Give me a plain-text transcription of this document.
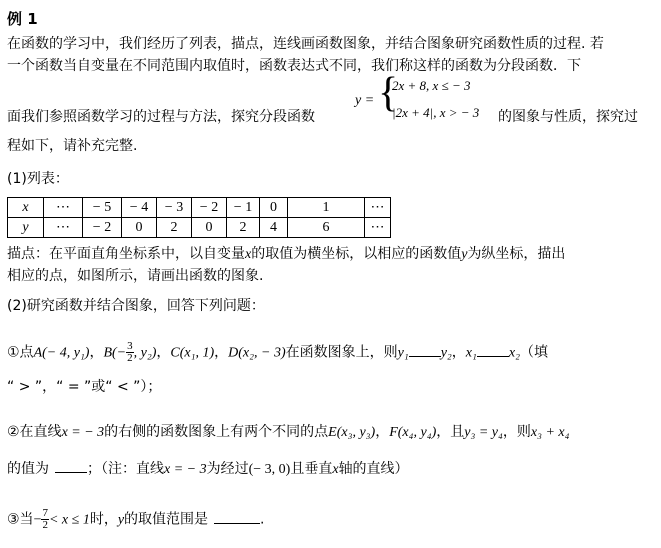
例 1
在函数的学习中，我们经历了列表，描点，连线画函数图象，并结合图象研究函数性质的过程. 若
一个函数当自变量在不同范围内取值时，函数表达式不同，我们称这样的函数为分段函数．下
面我们参照函数学习的过程与方法，探究分段函数
y = {
2x + 8, x ≤ − 3
|2x + 4|, x > − 3 的图象与性质，探究过
程如下，请补充完整.
(1)列表：
x	⋯	− 5	− 4	− 3	− 2	− 1	0	1	⋯
y	⋯	− 2	0	2	0	2	4	6	⋯
描点：在平面直角坐标系中，以自变量x的取值为横坐标，以相应的函数值y为纵坐标，描出
相应的点，如图所示，请画出函数的图象.
(2)研究函数并结合图象，回答下列问题：
①点A(− 4, y₁)，$B(- \frac{3}{2}$ , y₂)，C(x₁, 1)，D(x₂, − 3)在函数图象上，则y₁ y₂，x₁ x₂（填
“ > ”，“ = ”或“ < ”）；
②在直线x = − 3的右侧的函数图象上有两个不同的点E(x₃, y₃)，F(x₄, y₄)，且y₃ = y₄，则x₃ + x₄
的值为	；（注：直线x = − 3为经过(− 3, 0)且垂直x轴的直线）
③当− $\frac{7}{2} < x \le 1$时，y的取值范围是	.
